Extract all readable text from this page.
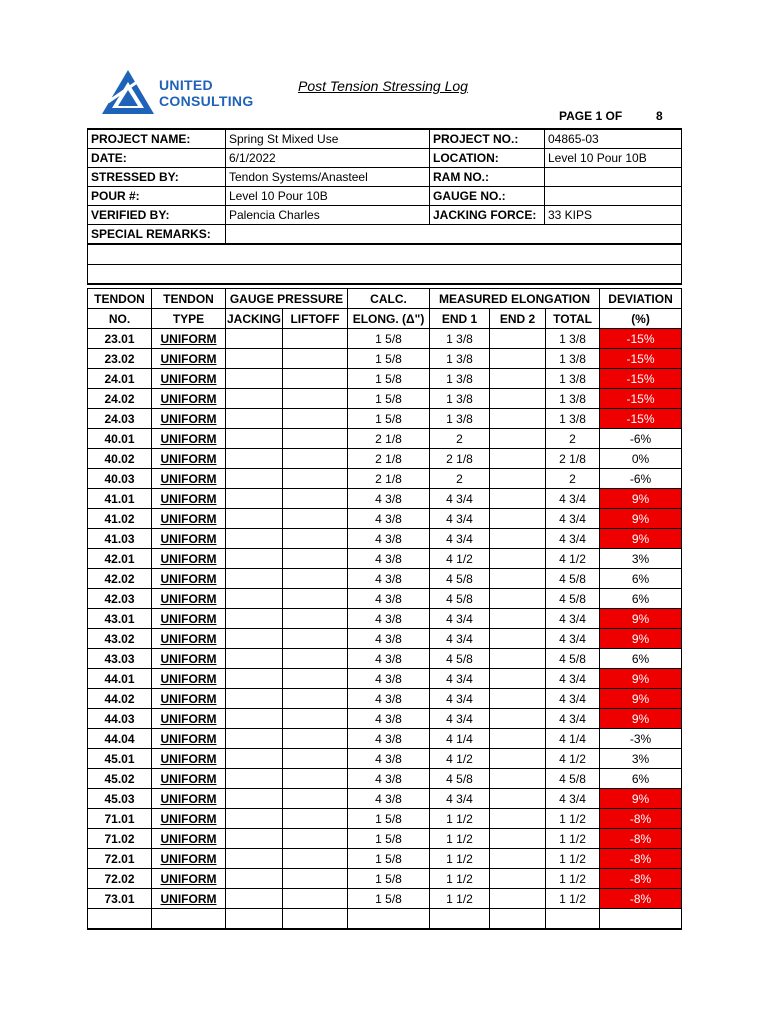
UNITED
CONSULTING
Post Tension Stressing Log
PAGE 1 OF	8
PROJECT NAME:	Spring St Mixed Use	PROJECT NO.:	04865-03
DATE:	6/1/2022	LOCATION:	Level 10 Pour 10B
STRESSED BY:	Tendon Systems/Anasteel	RAM NO.:	
POUR #:	Level 10 Pour 10B	GAUGE NO.:	
VERIFIED BY:	Palencia Charles	JACKING FORCE:	33 KIPS
SPECIAL REMARKS:			

TENDON	TENDON	GAUGE PRESSURE		CALC.	MEASURED ELONGATION			DEVIATION
NO.	TYPE	JACKING	LIFTOFF	ELONG. (Δ")	END 1	END 2	TOTAL	(%)
23.01	UNIFORM			1 5/8	1 3/8		1 3/8	-15%
23.02	UNIFORM			1 5/8	1 3/8		1 3/8	-15%
24.01	UNIFORM			1 5/8	1 3/8		1 3/8	-15%
24.02	UNIFORM			1 5/8	1 3/8		1 3/8	-15%
24.03	UNIFORM			1 5/8	1 3/8		1 3/8	-15%
40.01	UNIFORM			2 1/8	2		2	-6%
40.02	UNIFORM			2 1/8	2 1/8		2 1/8	0%
40.03	UNIFORM			2 1/8	2		2	-6%
41.01	UNIFORM			4 3/8	4 3/4		4 3/4	9%
41.02	UNIFORM			4 3/8	4 3/4		4 3/4	9%
41.03	UNIFORM			4 3/8	4 3/4		4 3/4	9%
42.01	UNIFORM			4 3/8	4 1/2		4 1/2	3%
42.02	UNIFORM			4 3/8	4 5/8		4 5/8	6%
42.03	UNIFORM			4 3/8	4 5/8		4 5/8	6%
43.01	UNIFORM			4 3/8	4 3/4		4 3/4	9%
43.02	UNIFORM			4 3/8	4 3/4		4 3/4	9%
43.03	UNIFORM			4 3/8	4 5/8		4 5/8	6%
44.01	UNIFORM			4 3/8	4 3/4		4 3/4	9%
44.02	UNIFORM			4 3/8	4 3/4		4 3/4	9%
44.03	UNIFORM			4 3/8	4 3/4		4 3/4	9%
44.04	UNIFORM			4 3/8	4 1/4		4 1/4	-3%
45.01	UNIFORM			4 3/8	4 1/2		4 1/2	3%
45.02	UNIFORM			4 3/8	4 5/8		4 5/8	6%
45.03	UNIFORM			4 3/8	4 3/4		4 3/4	9%
71.01	UNIFORM			1 5/8	1 1/2		1 1/2	-8%
71.02	UNIFORM			1 5/8	1 1/2		1 1/2	-8%
72.01	UNIFORM			1 5/8	1 1/2		1 1/2	-8%
72.02	UNIFORM			1 5/8	1 1/2		1 1/2	-8%
73.01	UNIFORM			1 5/8	1 1/2		1 1/2	-8%
